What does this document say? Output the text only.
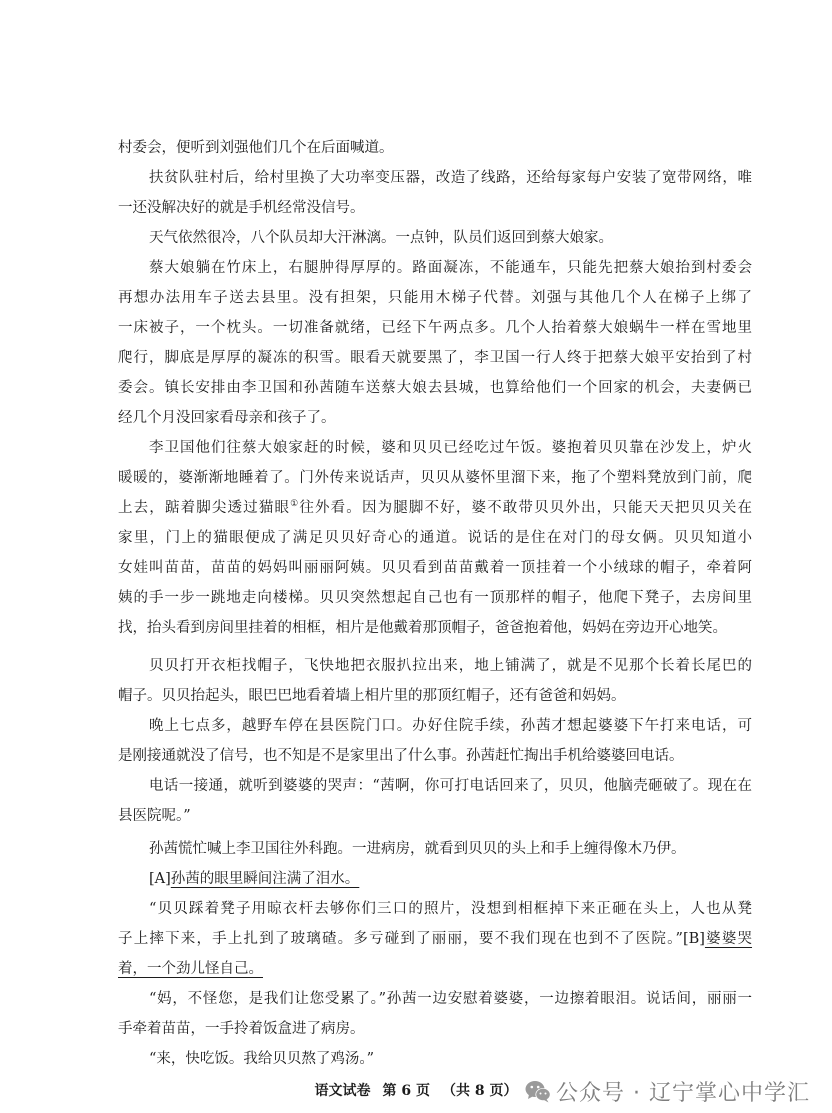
村委会，便听到刘强他们几个在后面喊道。
扶贫队驻村后，给村里换了大功率变压器，改造了线路，还给每家每户安装了宽带网络，唯
一还没解决好的就是手机经常没信号。
天气依然很冷，八个队员却大汗淋漓。一点钟，队员们返回到蔡大娘家。
蔡大娘躺在竹床上，右腿肿得厚厚的。路面凝冻，不能通车，只能先把蔡大娘抬到村委会
再想办法用车子送去县里。没有担架，只能用木梯子代替。刘强与其他几个人在梯子上绑了
一床被子，一个枕头。一切准备就绪，已经下午两点多。几个人抬着蔡大娘蜗牛一样在雪地里
爬行，脚底是厚厚的凝冻的积雪。眼看天就要黑了，李卫国一行人终于把蔡大娘平安抬到了村
委会。镇长安排由李卫国和孙茜随车送蔡大娘去县城，也算给他们一个回家的机会，夫妻俩已
经几个月没回家看母亲和孩子了。
李卫国他们往蔡大娘家赶的时候，婆和贝贝已经吃过午饭。婆抱着贝贝靠在沙发上，炉火
暖暖的，婆渐渐地睡着了。门外传来说话声，贝贝从婆怀里溜下来，拖了个塑料凳放到门前，爬
上去，踮着脚尖透过猫眼①往外看。因为腿脚不好，婆不敢带贝贝外出，只能天天把贝贝关在
家里，门上的猫眼便成了满足贝贝好奇心的通道。说话的是住在对门的母女俩。贝贝知道小
女娃叫苗苗，苗苗的妈妈叫丽丽阿姨。贝贝看到苗苗戴着一顶挂着一个小绒球的帽子，牵着阿
姨的手一步一跳地走向楼梯。贝贝突然想起自己也有一顶那样的帽子，他爬下凳子，去房间里
找，抬头看到房间里挂着的相框，相片是他戴着那顶帽子，爸爸抱着他，妈妈在旁边开心地笑。
贝贝打开衣柜找帽子，飞快地把衣服扒拉出来，地上铺满了，就是不见那个长着长尾巴的
帽子。贝贝抬起头，眼巴巴地看着墙上相片里的那顶红帽子，还有爸爸和妈妈。
晚上七点多，越野车停在县医院门口。办好住院手续，孙茜才想起婆婆下午打来电话，可
是刚接通就没了信号，也不知是不是家里出了什么事。孙茜赶忙掏出手机给婆婆回电话。
电话一接通，就听到婆婆的哭声：“茜啊，你可打电话回来了，贝贝，他脑壳砸破了。现在在
县医院呢。”
孙茜慌忙喊上李卫国往外科跑。一进病房，就看到贝贝的头上和手上缠得像木乃伊。
[A]孙茜的眼里瞬间注满了泪水。
“贝贝踩着凳子用晾衣杆去够你们三口的照片，没想到相框掉下来正砸在头上，人也从凳
子上摔下来，手上扎到了玻璃碴。多亏碰到了丽丽，要不我们现在也到不了医院。”[B]婆婆哭
着，一个劲儿怪自己。
“妈，不怪您，是我们让您受累了。”孙茜一边安慰着婆婆，一边擦着眼泪。说话间，丽丽一
手牵着苗苗，一手拎着饭盒进了病房。
“来，快吃饭。我给贝贝熬了鸡汤。”
语文试卷 第 6 页 （共 8 页）	公众号 · 辽宁掌心中学汇
